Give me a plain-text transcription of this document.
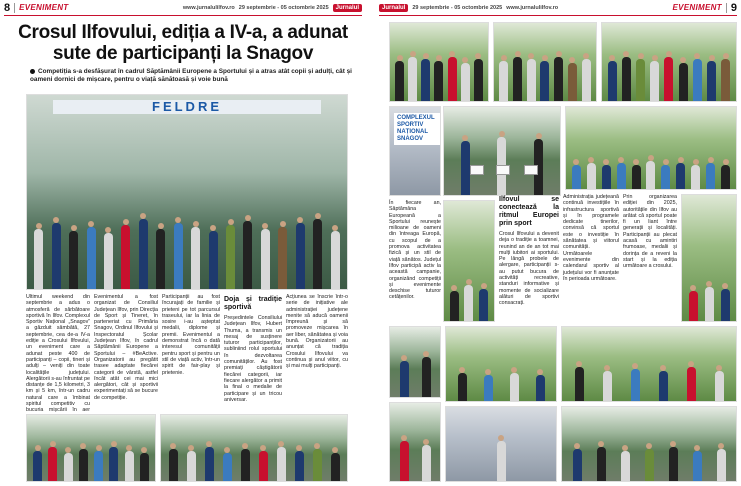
8 EVENIMENT	www.jurnalulilfov.ro 29 septembrie - 05 octombrie 2025	Jurnalul
Crosul Ilfovului, ediția a IV-a, a adunat
sute de participanți la Snagov
Competiția s-a desfășurat în cadrul Săptămânii Europene a Sportului și a atras atât copii și adulți, cât și oameni dornici de mișcare, pentru o viață sănătoasă și voie bună
FELDRE

Ultimul weekend din septembrie a adus o atmosferă de sărbătoare sportivă în Ilfov. Complexul Sportiv Național „Snagov” a găzduit sâmbătă, 27 septembrie, cea de-a IV-a ediție a Crosului Ilfovului, un eveniment care a adunat peste 400 de participanți – copii, tineri și adulți – veniți din toate localitățile județului. Alergătorii s-au înfruntat pe distanțe de 1,5 kilometri, 3 km și 5 km, într-un cadru natural care a îmbinat spiritul competitiv cu bucuria mișcării în aer

Evenimentul a fost organizat de Consiliul Județean Ilfov, prin Direcția de Sport și Tineret, în parteneriat cu Primăria Snagov, Ordinul Ilfovului și Inspectoratul Școlar Județean Ilfov, în cadrul Săptămânii Europene a Sportului – #BeActive. Organizatorii au pregătit trasee adaptate fiecărei categorii de vârstă, astfel încât atât cei mai mici alergători, cât și sportivii experimentați să se bucure de competiție.

Participanții au fost încurajați de familie și prieteni pe tot parcursul traseului, iar la linia de sosire i-au așteptat medalii, diplome și premii. Evenimentul a demonstrat încă o dată interesul comunității pentru sport și pentru un stil de viață activ, într-un spirit de fair-play și prietenie.

Doja și tradiție sportivă

Președintele Consiliului Județean Ilfov, Hubert Thuma, a transmis un mesaj de susținere tuturor participanților, subliniind rolul sportului în dezvoltarea comunităților. Au fost premiați câștigătorii fiecărei categorii, iar fiecare alergător a primit la final o medalie de participare și un tricou aniversar.

Acțiunea se înscrie într-o serie de inițiative ale administrației județene menite să aducă oamenii împreună și să promoveze mișcarea în aer liber, sănătatea și voia bună. Organizatorii au anunțat că tradiția Crosului Ilfovului va continua și anul viitor, cu și mai mulți participanți.

Jurnalul	29 septembrie - 05 octombrie 2025 www.jurnalulilfov.ro	EVENIMENT 9
COMPLEXUL SPORTIV NAȚIONAL SNAGOV

În fiecare an, Săptămâna Europeană a Sportului reunește milioane de oameni din întreaga Europă, cu scopul de a promova activitatea fizică și un stil de viață sănătos. Județul Ilfov participă activ la această campanie, organizând competiții și evenimente deschise tuturor cetățenilor.

Ilfovul se conectează la ritmul Europei prin sport

Crosul Ilfovului a devenit deja o tradiție a toamnei, reunind an de an tot mai mulți iubitori ai sportului. Pe lângă probele de alergare, participanții s-au putut bucura de activități recreative, standuri informative și momente de socializare alături de sportivi consacrați.

Administrația județeană continuă investițiile în infrastructura sportivă și în programele dedicate tinerilor, convinsă că sportul este o investiție în sănătatea și viitorul comunității. Următoarele evenimente din calendarul sportiv al județului vor fi anunțate în perioada următoare.

Prin organizarea ediției din 2025, autoritățile din Ilfov au arătat că sportul poate fi un liant între generații și localități. Participanții au plecat acasă cu amintiri frumoase, medalii și dorința de a reveni la start și la ediția următoare a crosului.
